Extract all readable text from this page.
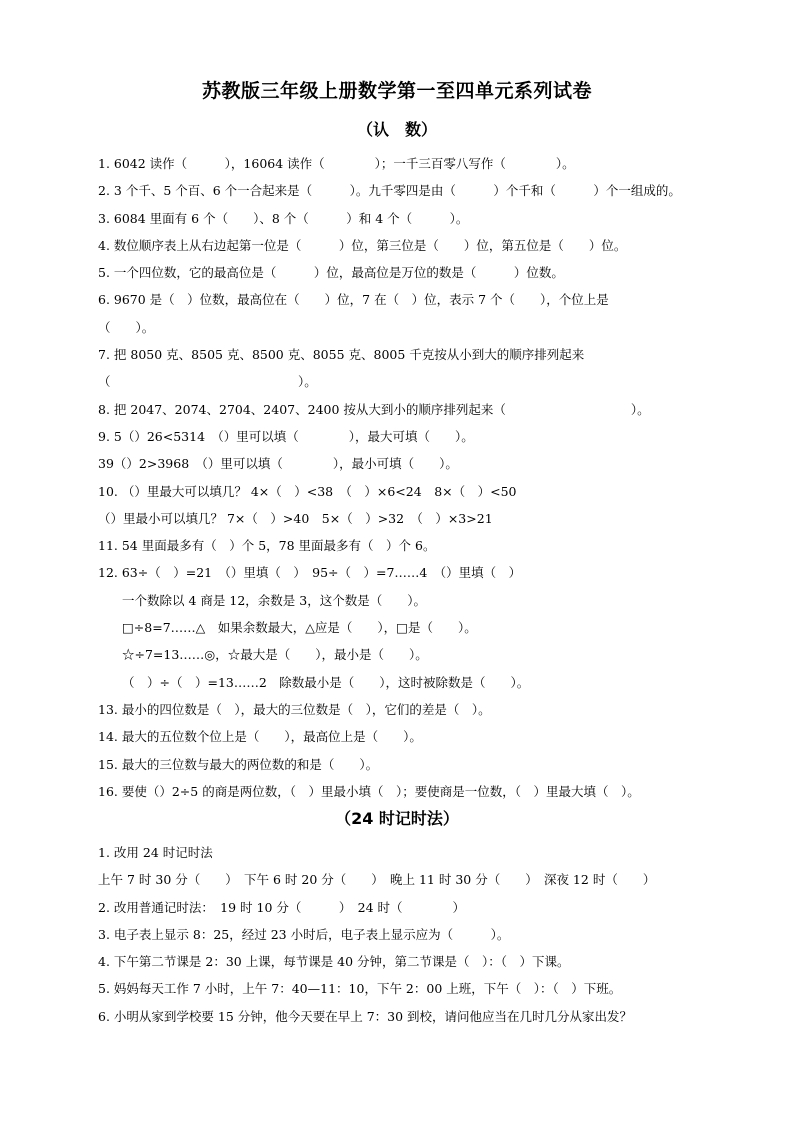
苏教版三年级上册数学第一至四单元系列试卷
（认　数）
1. 6042 读作（　　　），16064 读作（　　　　）；一千三百零八写作（　　　　）。
2. 3 个千、5 个百、6 个一合起来是（　　　）。九千零四是由（　　　）个千和（　　　）个一组成的。
3. 6084 里面有 6 个（　　）、8 个（　　　）和 4 个（　　　）。
4. 数位顺序表上从右边起第一位是（　　　）位，第三位是（　　）位，第五位是（　　）位。
5. 一个四位数，它的最高位是（　　　）位，最高位是万位的数是（　　　）位数。
6. 9670 是（　）位数，最高位在（　　）位，7 在（　）位，表示 7 个（　　），个位上是
（　　）。
7. 把 8050 克、8505 克、8500 克、8055 克、8005 千克按从小到大的顺序排列起来
（　　　　　　　　　　　　　　　）。
8. 把 2047、2074、2704、2407、2400 按从大到小的顺序排列起来（　　　　　　　　　　）。
9. 5（）26<5314　（）里可以填（　　　　），最大可填（　　）。
39（）2>3968　（）里可以填（　　　　），最小可填（　　）。
10. （）里最大可以填几？ 4×（　）<38　（　）×6<24　8×（　）<50
（）里最小可以填几？ 7×（　）>40　5×（　）>32　（　）×3>21
11. 54 里面最多有（　）个 5，78 里面最多有（　）个 6。
12. 63÷（　）=21　（）里填（　）　95÷（　）=7……4　（）里填（　）
一个数除以 4 商是 12，余数是 3，这个数是（　　）。
□÷8=7……△　如果余数最大，△应是（　　），□是（　　）。
☆÷7=13……◎，☆最大是（　　），最小是（　　）。
（　）÷（　）=13……2　除数最小是（　　），这时被除数是（　　）。
13. 最小的四位数是（　），最大的三位数是（　），它们的差是（　）。
14. 最大的五位数个位上是（　　），最高位上是（　　）。
15. 最大的三位数与最大的两位数的和是（　　）。
16. 要使（）2÷5 的商是两位数，（　）里最小填（　）；要使商是一位数，（　）里最大填（　）。
（24 时记时法）
1. 改用 24 时记时法
上午 7 时 30 分（　　）　下午 6 时 20 分（　　）　晚上 11 时 30 分（　　）　深夜 12 时（　　）
2. 改用普通记时法：　19 时 10 分（　　　）　24 时（　　　　）
3. 电子表上显示 8：25，经过 23 小时后，电子表上显示应为（　　　）。
4. 下午第二节课是 2：30 上课，每节课是 40 分钟，第二节课是（　）：（　）下课。
5. 妈妈每天工作 7 小时，上午 7：40—11：10，下午 2：00 上班，下午（　）：（　）下班。
6. 小明从家到学校要 15 分钟，他今天要在早上 7：30 到校，请问他应当在几时几分从家出发？
